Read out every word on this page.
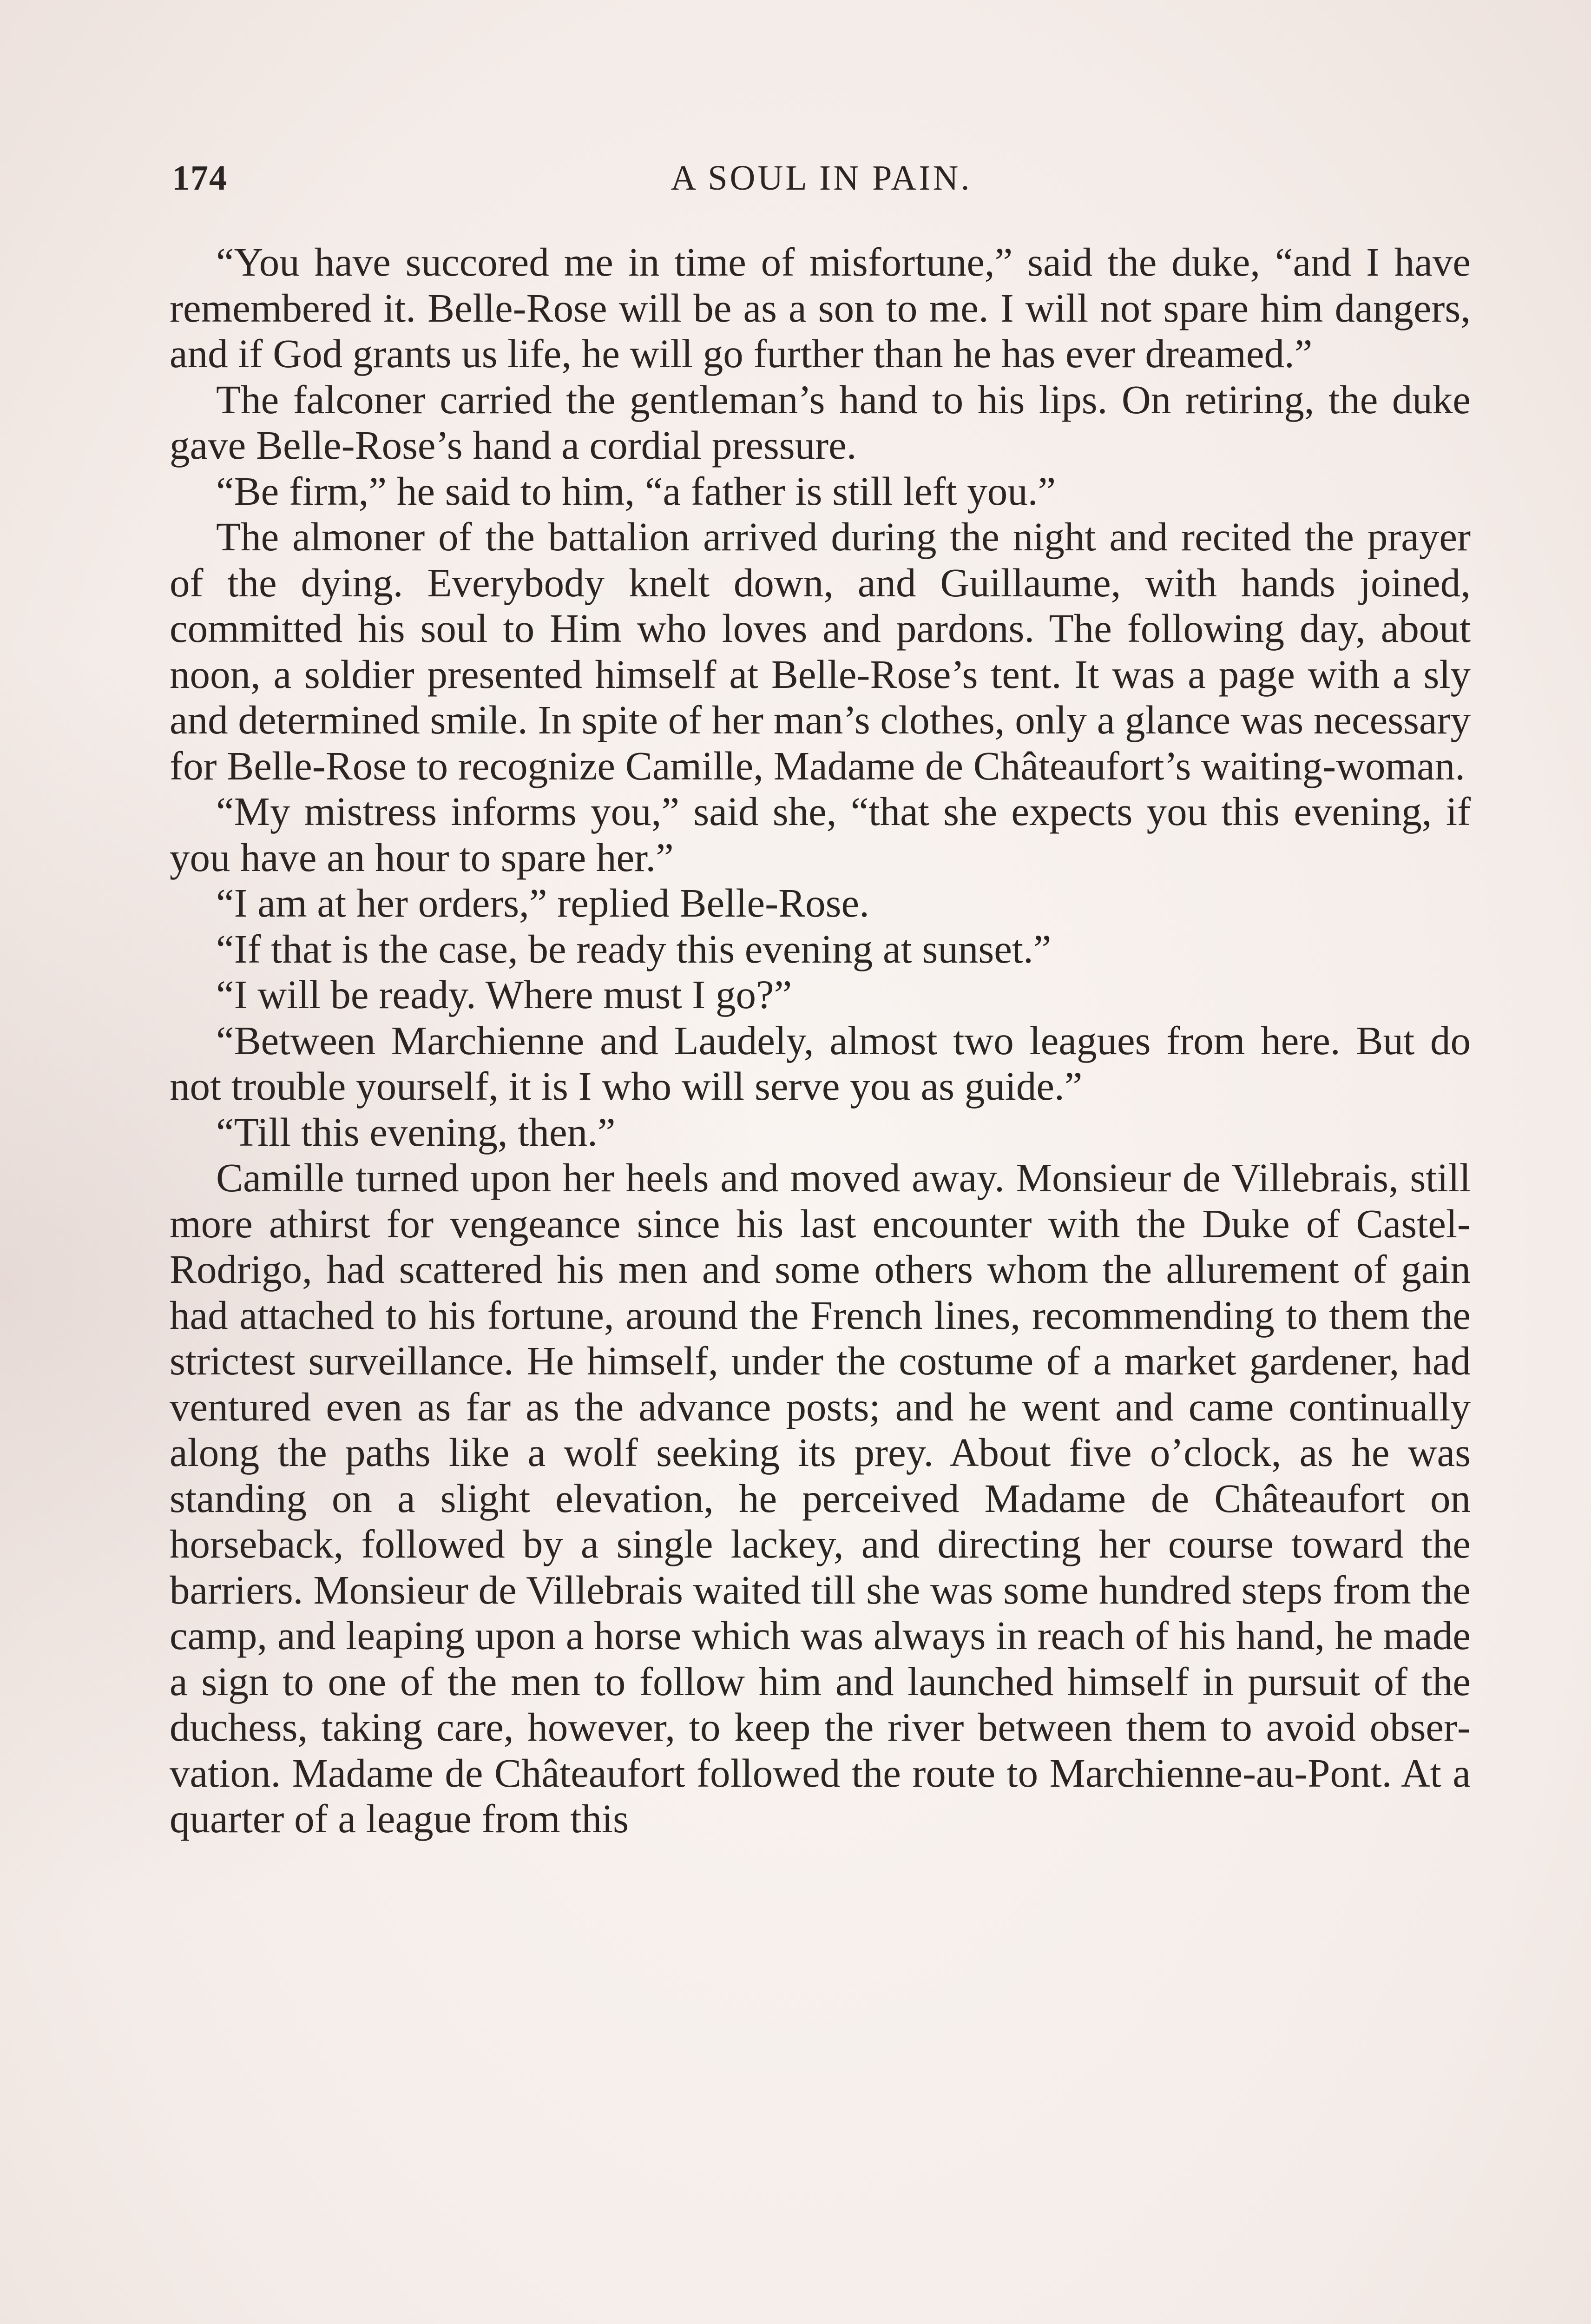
174	A SOUL IN PAIN.

“You have succored me in time of misfortune,” said the duke, “and I have remembered it. Belle-Rose will be as a son to me. I will not spare him dangers, and if God grants us life, he will go further than he has ever dreamed.”

The falconer carried the gentleman’s hand to his lips. On retiring, the duke gave Belle-Rose’s hand a cordial pressure.

“Be firm,” he said to him, “a father is still left you.”

The almoner of the battalion arrived during the night and recited the prayer of the dying. Everybody knelt down, and Guillaume, with hands joined, committed his soul to Him who loves and pardons. The following day, about noon, a soldier presented himself at Belle-Rose’s tent. It was a page with a sly and determined smile. In spite of her man’s clothes, only a glance was necessary for Belle-Rose to recognize Camille, Madame de Châteaufort’s waiting-woman.

“My mistress informs you,” said she, “that she expects you this evening, if you have an hour to spare her.”

“I am at her orders,” replied Belle-Rose.

“If that is the case, be ready this evening at sunset.”

“I will be ready. Where must I go?”

“Between Marchienne and Laudely, almost two leagues from here. But do not trouble yourself, it is I who will serve you as guide.”

“Till this evening, then.”

Camille turned upon her heels and moved away. Monsieur de Villebrais, still more athirst for vengeance since his last encounter with the Duke of Castel-Rodrigo, had scattered his men and some others whom the allurement of gain had attached to his fortune, around the French lines, recommending to them the strictest surveillance. He himself, under the costume of a market gardener, had ventured even as far as the advance posts; and he went and came continually along the paths like a wolf seeking its prey. About five o’clock, as he was standing on a slight elevation, he perceived Madame de Châteaufort on horseback, followed by a single lackey, and directing her course toward the barriers. Monsieur de Villebrais waited till she was some hundred steps from the camp, and leaping upon a horse which was always in reach of his hand, he made a sign to one of the men to follow him and launched himself in pursuit of the duchess, taking care, however, to keep the river between them to avoid observation. Madame de Châteaufort followed the route to Marchienne-au-Pont. At a quarter of a league from this
